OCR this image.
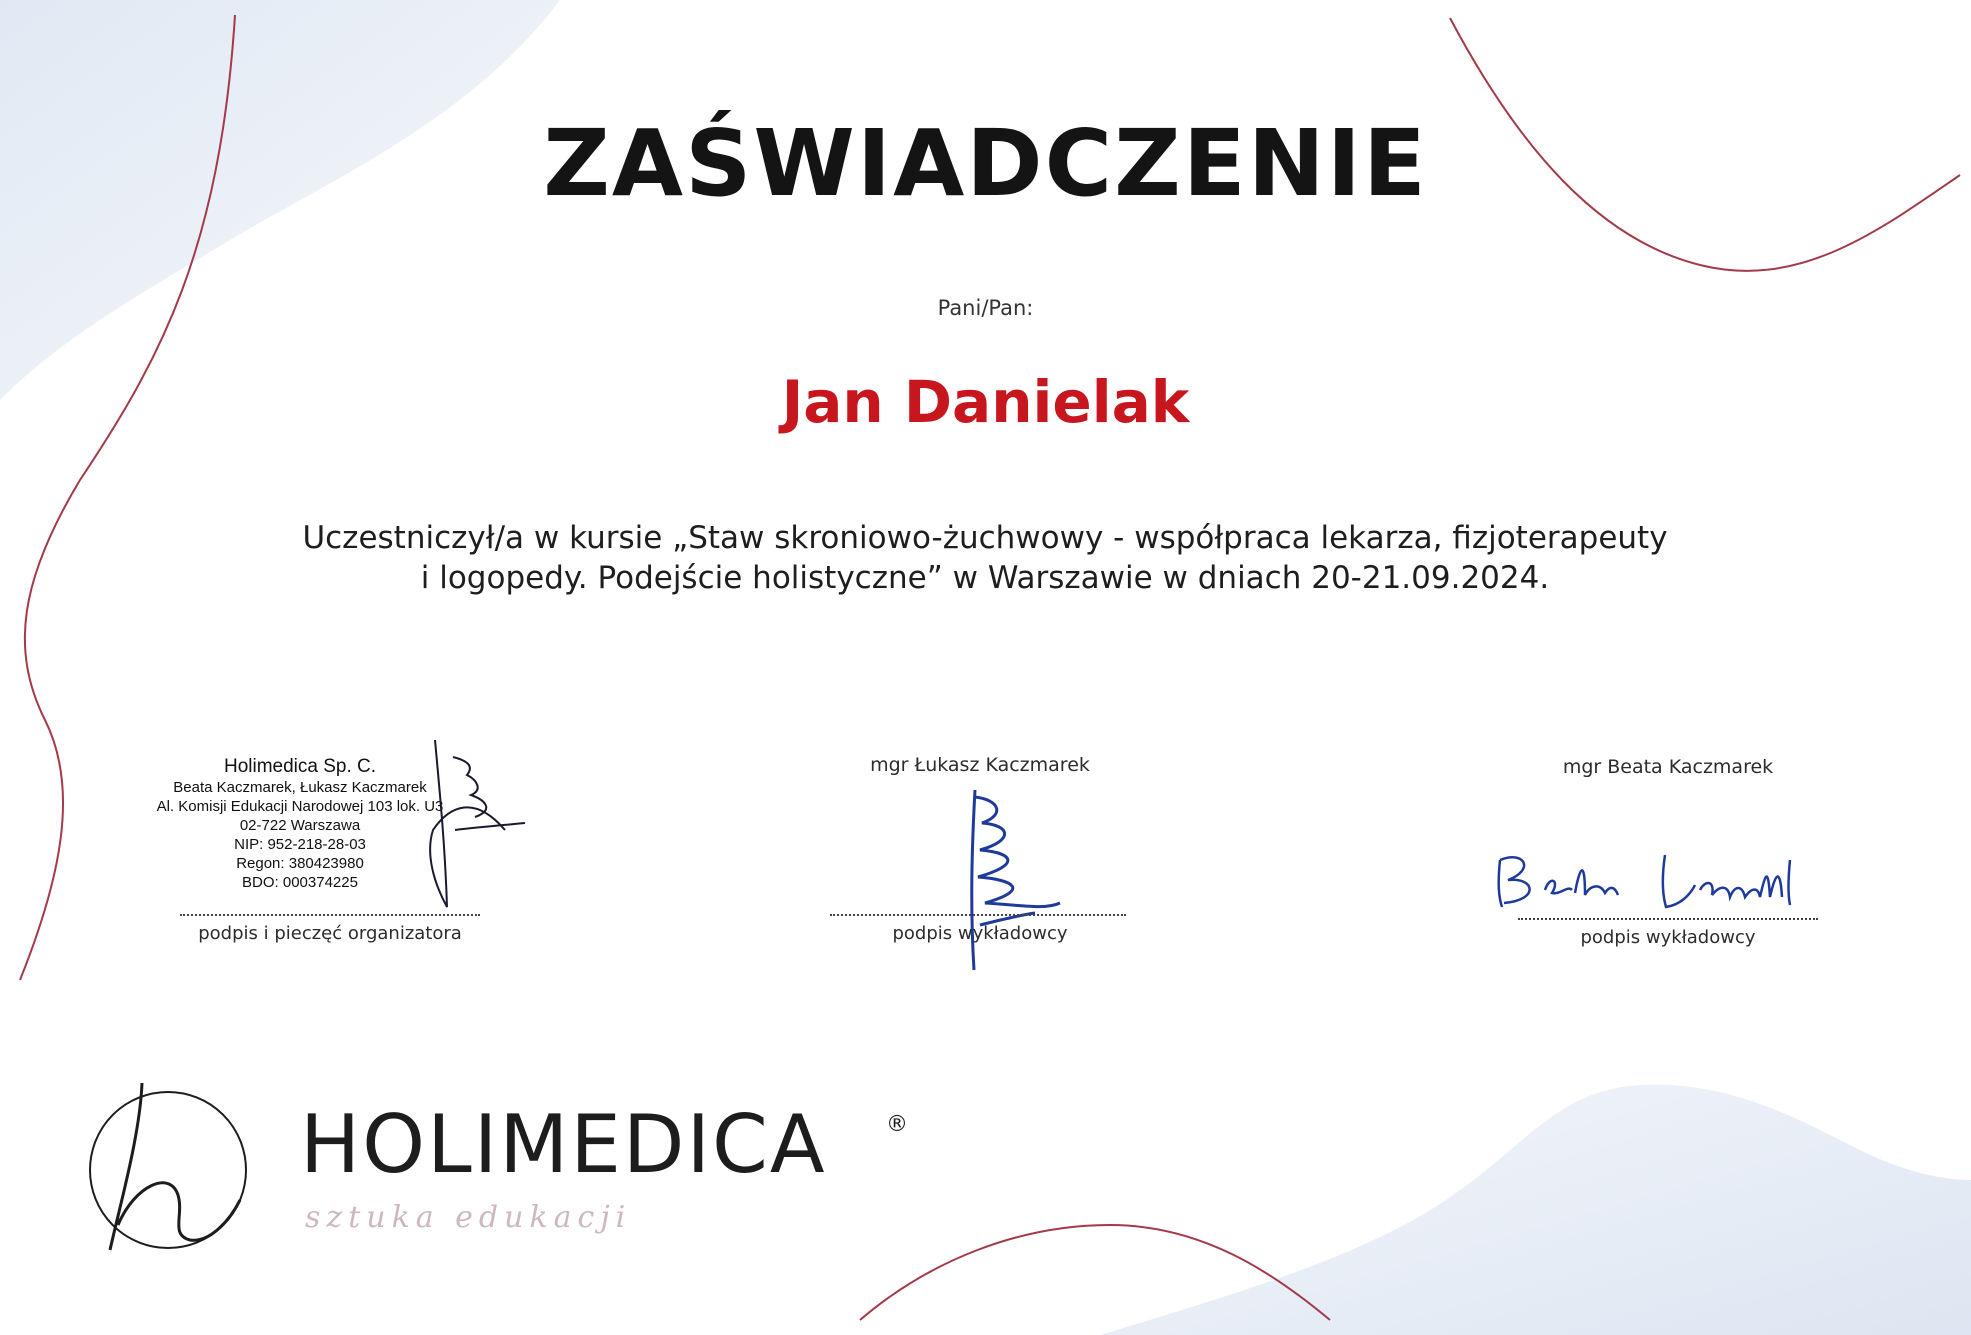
ZAŚWIADCZENIE
Pani/Pan:
Jan Danielak
Uczestniczył/a w kursie „Staw skroniowo-żuchwowy - współpraca lekarza, fizjoterapeuty
i logopedy. Podejście holistyczne” w Warszawie w dniach 20-21.09.2024.
Holimedica Sp. C.
Beata Kaczmarek, Łukasz Kaczmarek
Al. Komisji Edukacji Narodowej 103 lok. U3
02-722 Warszawa
NIP: 952-218-28-03
Regon: 380423980
BDO: 000374225
podpis i pieczęć organizatora
mgr Łukasz Kaczmarek
podpis wykładowcy
mgr Beata Kaczmarek
podpis wykładowcy
HOLIMEDICA	®
sztuka edukacji
